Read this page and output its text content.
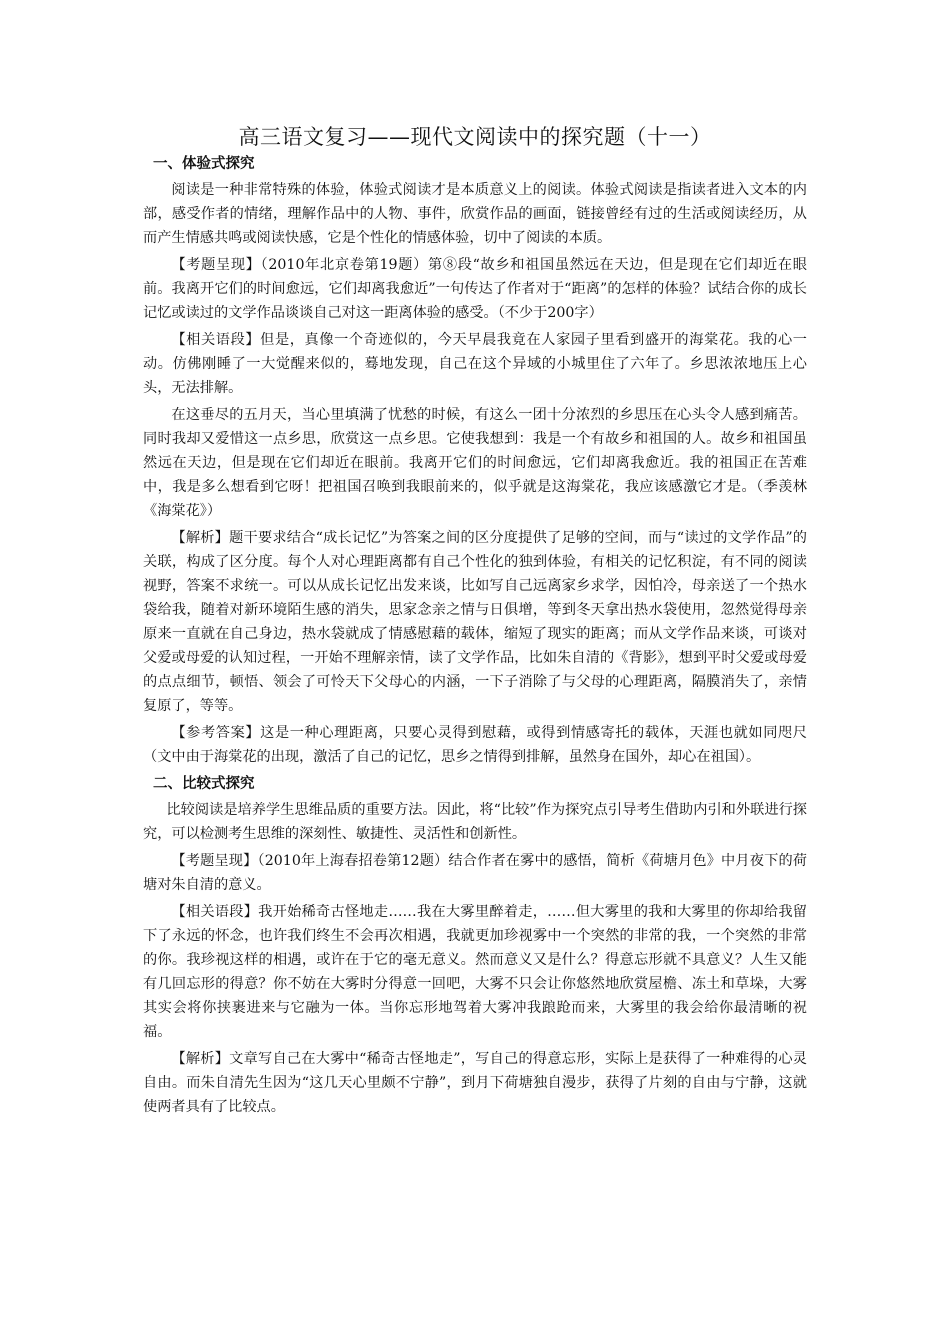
高三语文复习——现代文阅读中的探究题（十一）
一、体验式探究

阅读是一种非常特殊的体验，体验式阅读才是本质意义上的阅读。体验式阅读是指读者进入文本的内部，感受作者的情绪，理解作品中的人物、事件，欣赏作品的画面，链接曾经有过的生活或阅读经历，从而产生情感共鸣或阅读快感，它是个性化的情感体验，切中了阅读的本质。

【考题呈现】（2010年北京卷第19题）第⑧段“故乡和祖国虽然远在天边，但是现在它们却近在眼前。我离开它们的时间愈远，它们却离我愈近”一句传达了作者对于“距离”的怎样的体验？试结合你的成长记忆或读过的文学作品谈谈自己对这一距离体验的感受。（不少于200字）

【相关语段】但是，真像一个奇迹似的，今天早晨我竟在人家园子里看到盛开的海棠花。我的心一动。仿佛刚睡了一大觉醒来似的，蓦地发现，自己在这个异域的小城里住了六年了。乡思浓浓地压上心头，无法排解。

在这垂尽的五月天，当心里填满了忧愁的时候，有这么一团十分浓烈的乡思压在心头令人感到痛苦。同时我却又爱惜这一点乡思，欣赏这一点乡思。它使我想到：我是一个有故乡和祖国的人。故乡和祖国虽然远在天边，但是现在它们却近在眼前。我离开它们的时间愈远，它们却离我愈近。我的祖国正在苦难中，我是多么想看到它呀！把祖国召唤到我眼前来的，似乎就是这海棠花，我应该感激它才是。（季羡林《海棠花》）

【解析】题干要求结合“成长记忆”为答案之间的区分度提供了足够的空间，而与“读过的文学作品”的关联，构成了区分度。每个人对心理距离都有自己个性化的独到体验，有相关的记忆积淀，有不同的阅读视野，答案不求统一。可以从成长记忆出发来谈，比如写自己远离家乡求学，因怕冷，母亲送了一个热水袋给我，随着对新环境陌生感的消失，思家念亲之情与日俱增，等到冬天拿出热水袋使用，忽然觉得母亲原来一直就在自己身边，热水袋就成了情感慰藉的载体，缩短了现实的距离；而从文学作品来谈，可谈对父爱或母爱的认知过程，一开始不理解亲情，读了文学作品，比如朱自清的《背影》，想到平时父爱或母爱的点点细节，顿悟、领会了可怜天下父母心的内涵，一下子消除了与父母的心理距离，隔膜消失了，亲情复原了，等等。

【参考答案】这是一种心理距离，只要心灵得到慰藉，或得到情感寄托的载体，天涯也就如同咫尺（文中由于海棠花的出现，激活了自己的记忆，思乡之情得到排解，虽然身在国外，却心在祖国）。

二、比较式探究

比较阅读是培养学生思维品质的重要方法。因此，将“比较”作为探究点引导考生借助内引和外联进行探究，可以检测考生思维的深刻性、敏捷性、灵活性和创新性。

【考题呈现】（2010年上海春招卷第12题）结合作者在雾中的感悟，简析《荷塘月色》中月夜下的荷塘对朱自清的意义。

【相关语段】我开始稀奇古怪地走……我在大雾里醉着走，……但大雾里的我和大雾里的你却给我留下了永远的怀念，也许我们终生不会再次相遇，我就更加珍视雾中一个突然的非常的我，一个突然的非常的你。我珍视这样的相遇，或许在于它的毫无意义。然而意义又是什么？得意忘形就不具意义？人生又能有几回忘形的得意？你不妨在大雾时分得意一回吧，大雾不只会让你悠然地欣赏屋檐、冻土和草垛，大雾其实会将你挟裹进来与它融为一体。当你忘形地驾着大雾冲我踉跄而来，大雾里的我会给你最清晰的祝福。

【解析】文章写自己在大雾中“稀奇古怪地走”，写自己的得意忘形，实际上是获得了一种难得的心灵自由。而朱自清先生因为“这几天心里颇不宁静”，到月下荷塘独自漫步，获得了片刻的自由与宁静，这就使两者具有了比较点。
